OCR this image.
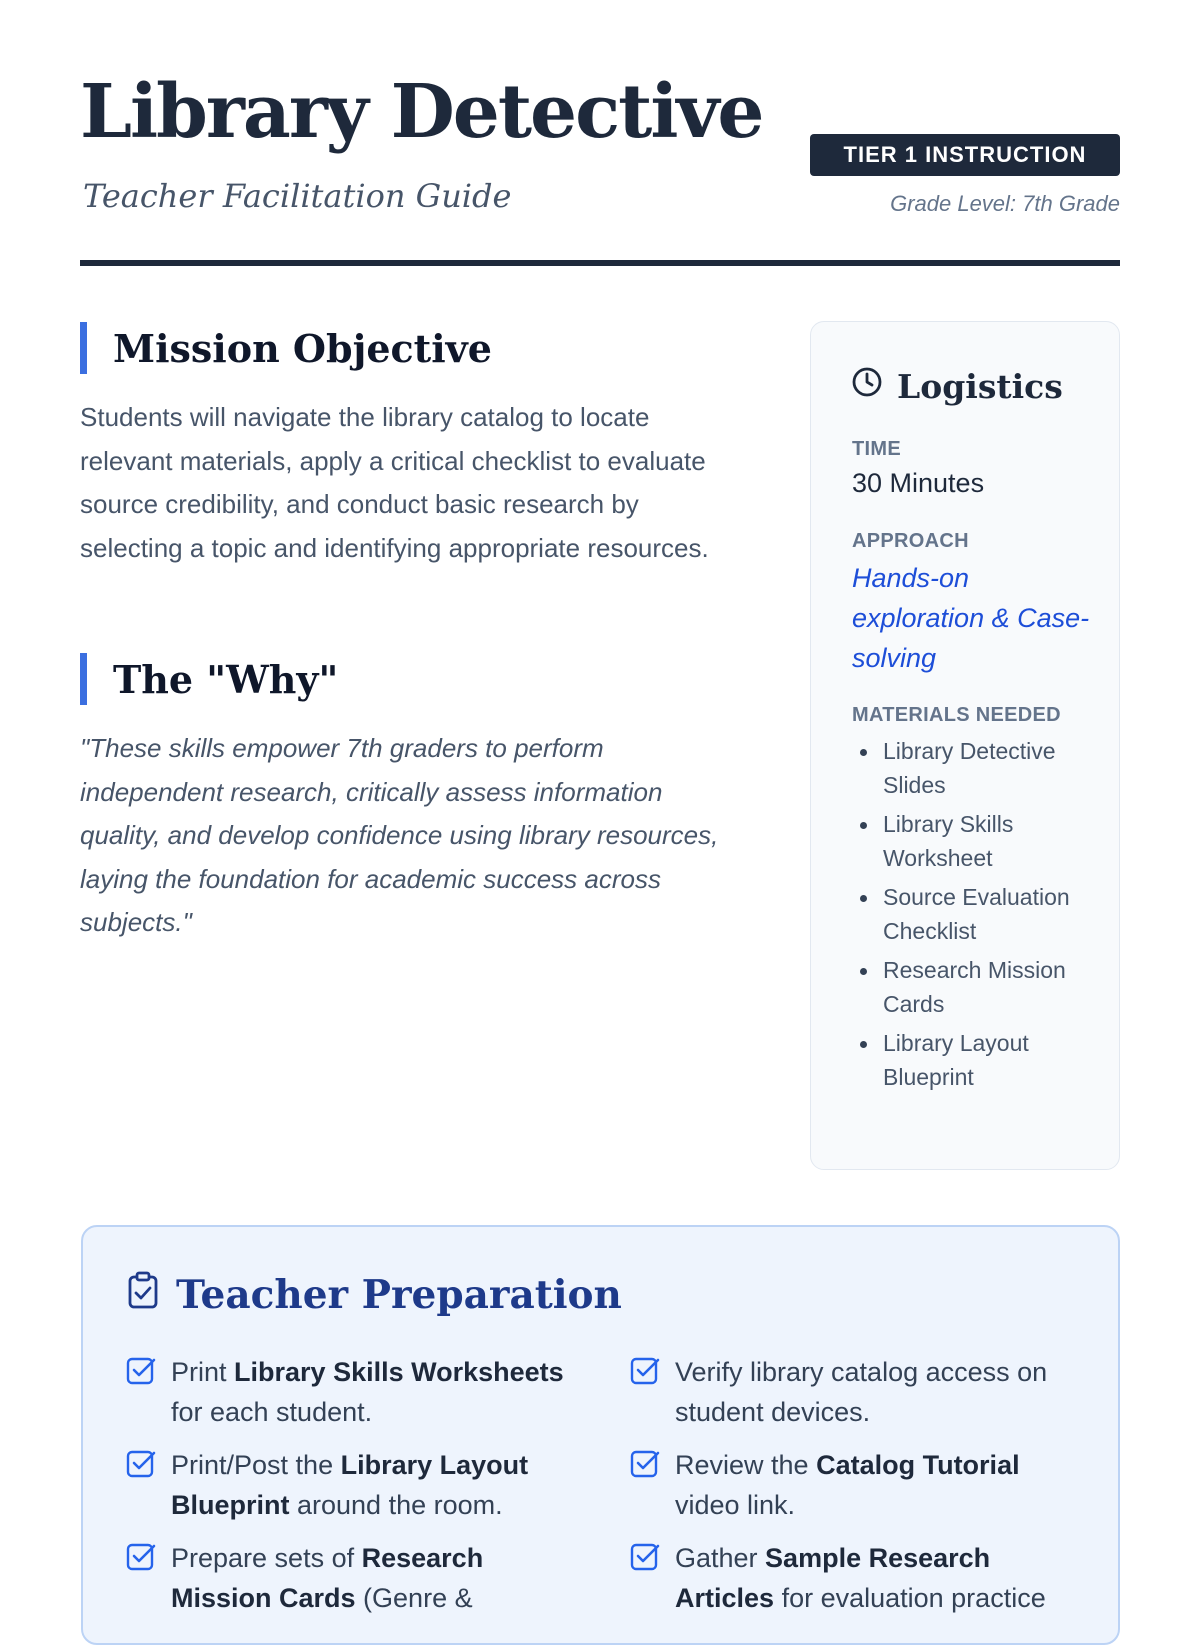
Library Detective
Teacher Facilitation Guide
TIER 1 INSTRUCTION
Grade Level: 7th Grade
Mission Objective

Students will navigate the library catalog to locate relevant materials, apply a critical checklist to evaluate source credibility, and conduct basic research by selecting a topic and identifying appropriate resources.

The "Why"

"These skills empower 7th graders to perform independent research, critically assess information quality, and develop confidence using library resources, laying the foundation for academic success across subjects."

Logistics
TIME
30 Minutes
APPROACH
Hands-on exploration & Case-solving
MATERIALS NEEDED
Library Detective Slides
Library Skills Worksheet
Source Evaluation Checklist
Research Mission Cards
Library Layout Blueprint
Teacher Preparation
Print Library Skills Worksheets for each student.
Verify library catalog access on student devices.
Print/Post the Library Layout Blueprint around the room.
Review the Catalog Tutorial video link.
Prepare sets of Research Mission Cards (Genre &
Gather Sample Research Articles for evaluation practice
